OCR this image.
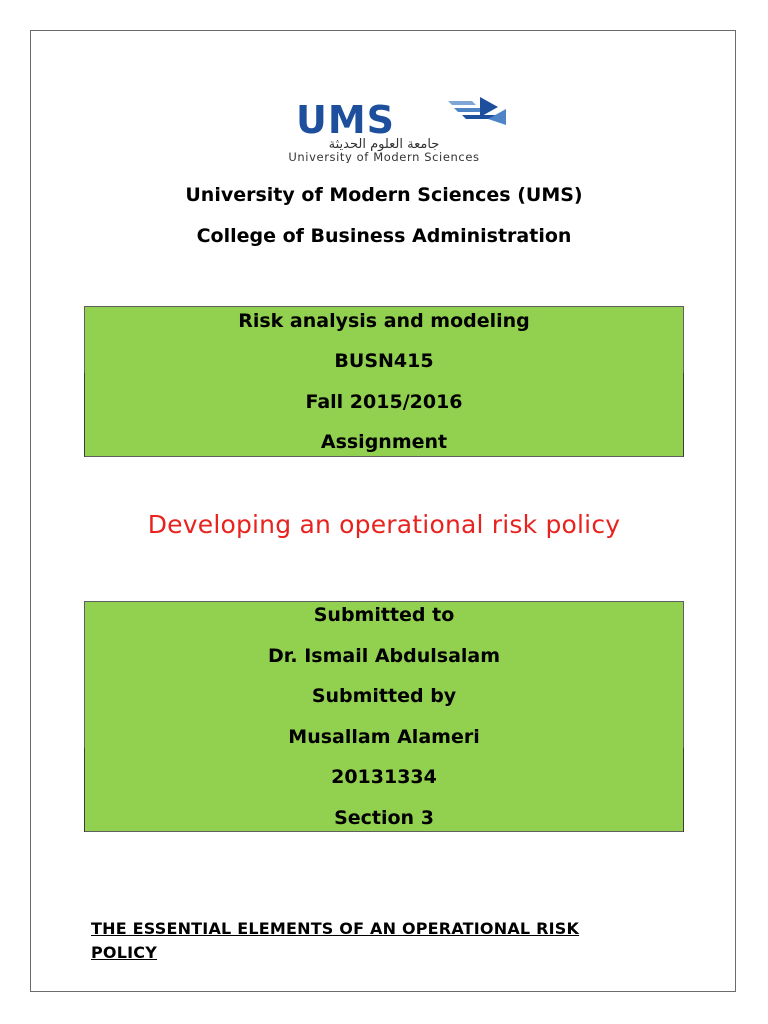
UMS
جامعة العلوم الحديثة
University of Modern Sciences
University of Modern Sciences (UMS)
College of Business Administration
Risk analysis and modeling
BUSN415
Fall 2015/2016
Assignment
Developing an operational risk policy
Submitted to
Dr. Ismail Abdulsalam
Submitted by
Musallam Alameri
20131334
Section 3
THE ESSENTIAL ELEMENTS OF AN OPERATIONAL RISK
POLICY
